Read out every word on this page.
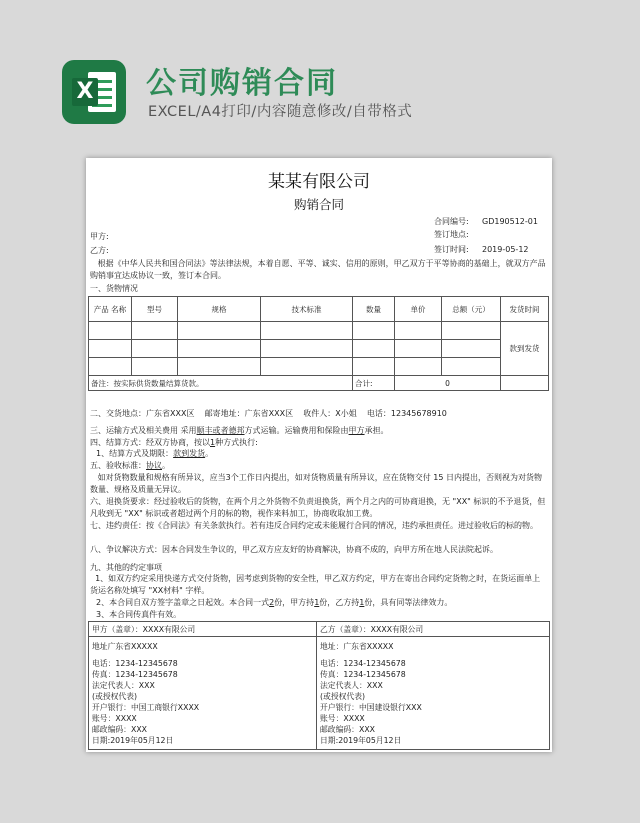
X 公司购销合同

EXCEL/A4打印/内容随意修改/自带格式

某某有限公司
购销合同
合同编号: GD190512-01
签订地点:
签订时间: 2019-05-12
甲方:
乙方:
根据《中华人民共和国合同法》等法律法规，本着自愿、平等、诚实、信用的原则，甲乙双方于平等协商的基础上，就双方产品购销事宜达成协议一致，签订本合同。
一、货物情况
产品 名称	型号	规格	技术标准	数量	单价	总额（元）	发货时间
							款到发货

备注：按实际供货数量结算货款。				合计:	0		
二、交货地点：广东省XXX区 邮寄地址：广东省XXX区 收件人：X小姐 电话：12345678910
三、运输方式及相关费用 采用顺丰或者德邦方式运输。运输费用和保险由甲方承担。
四、结算方式：经双方协商，按以1种方式执行:
1、结算方式及期限：款到发货。
五、验收标准：协议。
如对货物数量和规格有所异议，应当3个工作日内提出，如对货物质量有所异议，应在货物交付 15 日内提出，否则视为对货物数量、规格及质量无异议。
六、退换货要求：经过验收后的货物，在两个月之外货物不负责退换货，两个月之内的可协商退换，无 "XX" 标识的不予退货，但凡收到无 "XX" 标识或者超过两个月的标的物，视作来料加工，协商收取加工费。
七、违约责任：按《合同法》有关条款执行。若有违反合同约定或未能履行合同的情况，违约承担责任。进过验收后的标的物。
八、争议解决方式：因本合同发生争议的，甲乙双方应友好的协商解决，协商不成的，向甲方所在地人民法院起诉。
九、其他的约定事项
1、如双方约定采用快递方式交付货物，因考虑到货物的安全性，甲乙双方约定，甲方在寄出合同约定货物之时，在货运面单上货运名称处填写 "XX材料" 字样。
2、本合同自双方签字盖章之日起效。本合同一式2份，甲方持1份，乙方持1份，具有同等法律效力。
3、本合同传真件有效。
甲方（盖章）：XXXX有限公司
地址广东省XXXXX
电话：1234-12345678
传真：1234-12345678
法定代表人：XXX
(或授权代表)
开户银行：中国工商银行XXXX
账号：XXXX
邮政编码：XXX
日期:2019年05月12日
乙方（盖章）：XXXX有限公司
地址：广东省XXXXX
电话：1234-12345678
传真：1234-12345678
法定代表人：XXX
(或授权代表)
开户银行：中国建设银行XXX
账号：XXXX
邮政编码：XXX
日期:2019年05月12日
